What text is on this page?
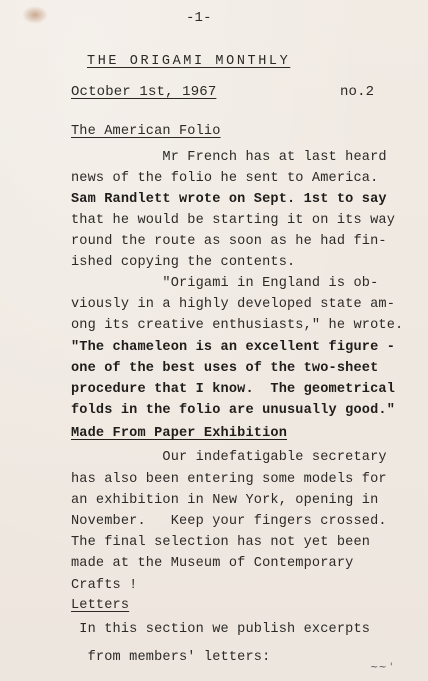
-1-
THE ORIGAMI MONTHLY
October 1st, 1967	no.2
The American Folio
Mr French has at last heard
news of the folio he sent to America.
Sam Randlett wrote on Sept. 1st to say
that he would be starting it on its way
round the route as soon as he had fin-
ished copying the contents.
"Origami in England is ob-
viously in a highly developed state am-
ong its creative enthusiasts," he wrote.
"The chameleon is an excellent figure -
one of the best uses of the two-sheet
procedure that I know.  The geometrical
folds in the folio are unusually good."
Made From Paper Exhibition
Our indefatigable secretary
has also been entering some models for
an exhibition in New York, opening in
November.   Keep your fingers crossed.
The final selection has not yet been
made at the Museum of Contemporary
Crafts !
Letters
In this section we publish excerpts
from members' letters:
~~ '
